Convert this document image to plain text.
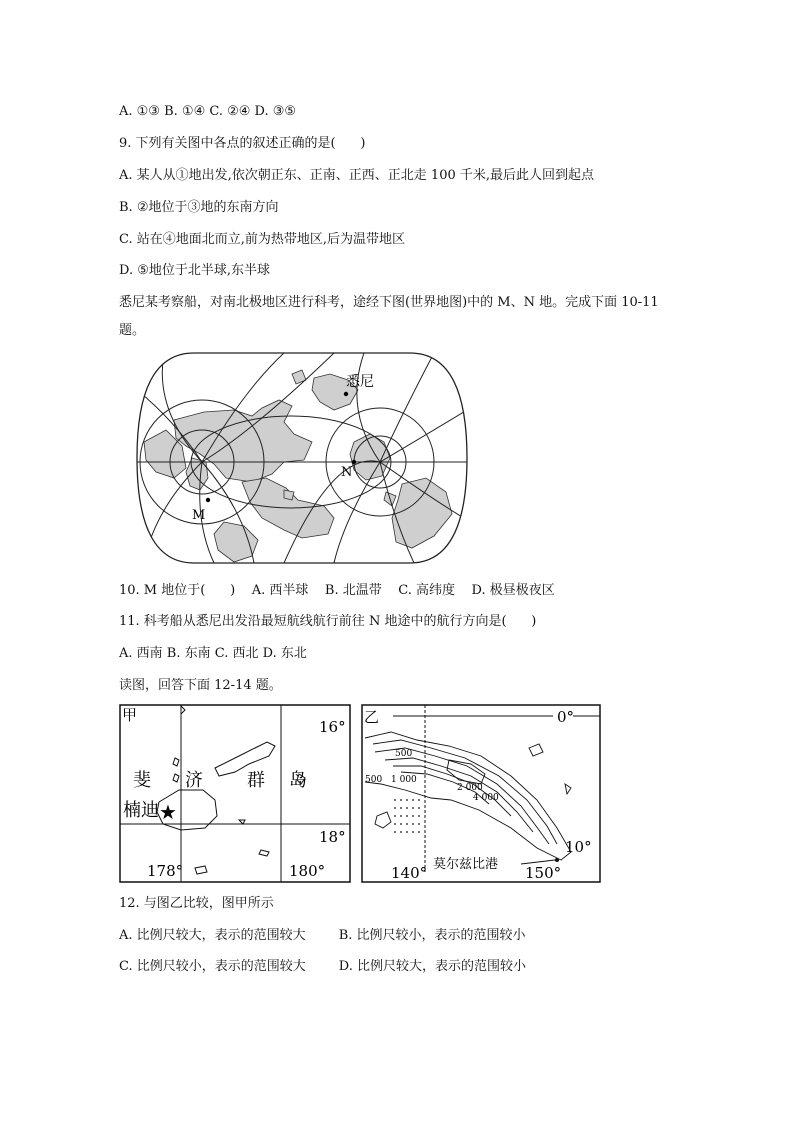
A. ①③ B. ①④ C. ②④ D. ③⑤
9. 下列有关图中各点的叙述正确的是(      )
A. 某人从①地出发,依次朝正东、正南、正西、正北走 100 千米,最后此人回到起点
B. ②地位于③地的东南方向
C. 站在④地面北而立,前为热带地区,后为温带地区
D. ⑤地位于北半球,东半球
悉尼某考察船，对南北极地区进行科考，途经下图(世界地图)中的 M、N 地。完成下面 10-11
题。
悉尼
M
N
10. M 地位于(      )    A. 西半球    B. 北温带    C. 高纬度    D. 极昼极夜区
11. 科考船从悉尼出发沿最短航线航行前往 N 地途中的航行方向是(      )
A. 西南 B. 东南 C. 西北 D. 东北
读图，回答下面 12-14 题。
甲
16°
18°
178°	180°
斐 济 群 岛
楠迪 ★
乙	0°
10°
140°	150°
500
500 1 000
2 000
4 000
莫尔兹比港
12. 与图乙比较，图甲所示
A. 比例尺较大，表示的范围较大        B. 比例尺较小，表示的范围较小
C. 比例尺较小，表示的范围较大        D. 比例尺较大，表示的范围较小
